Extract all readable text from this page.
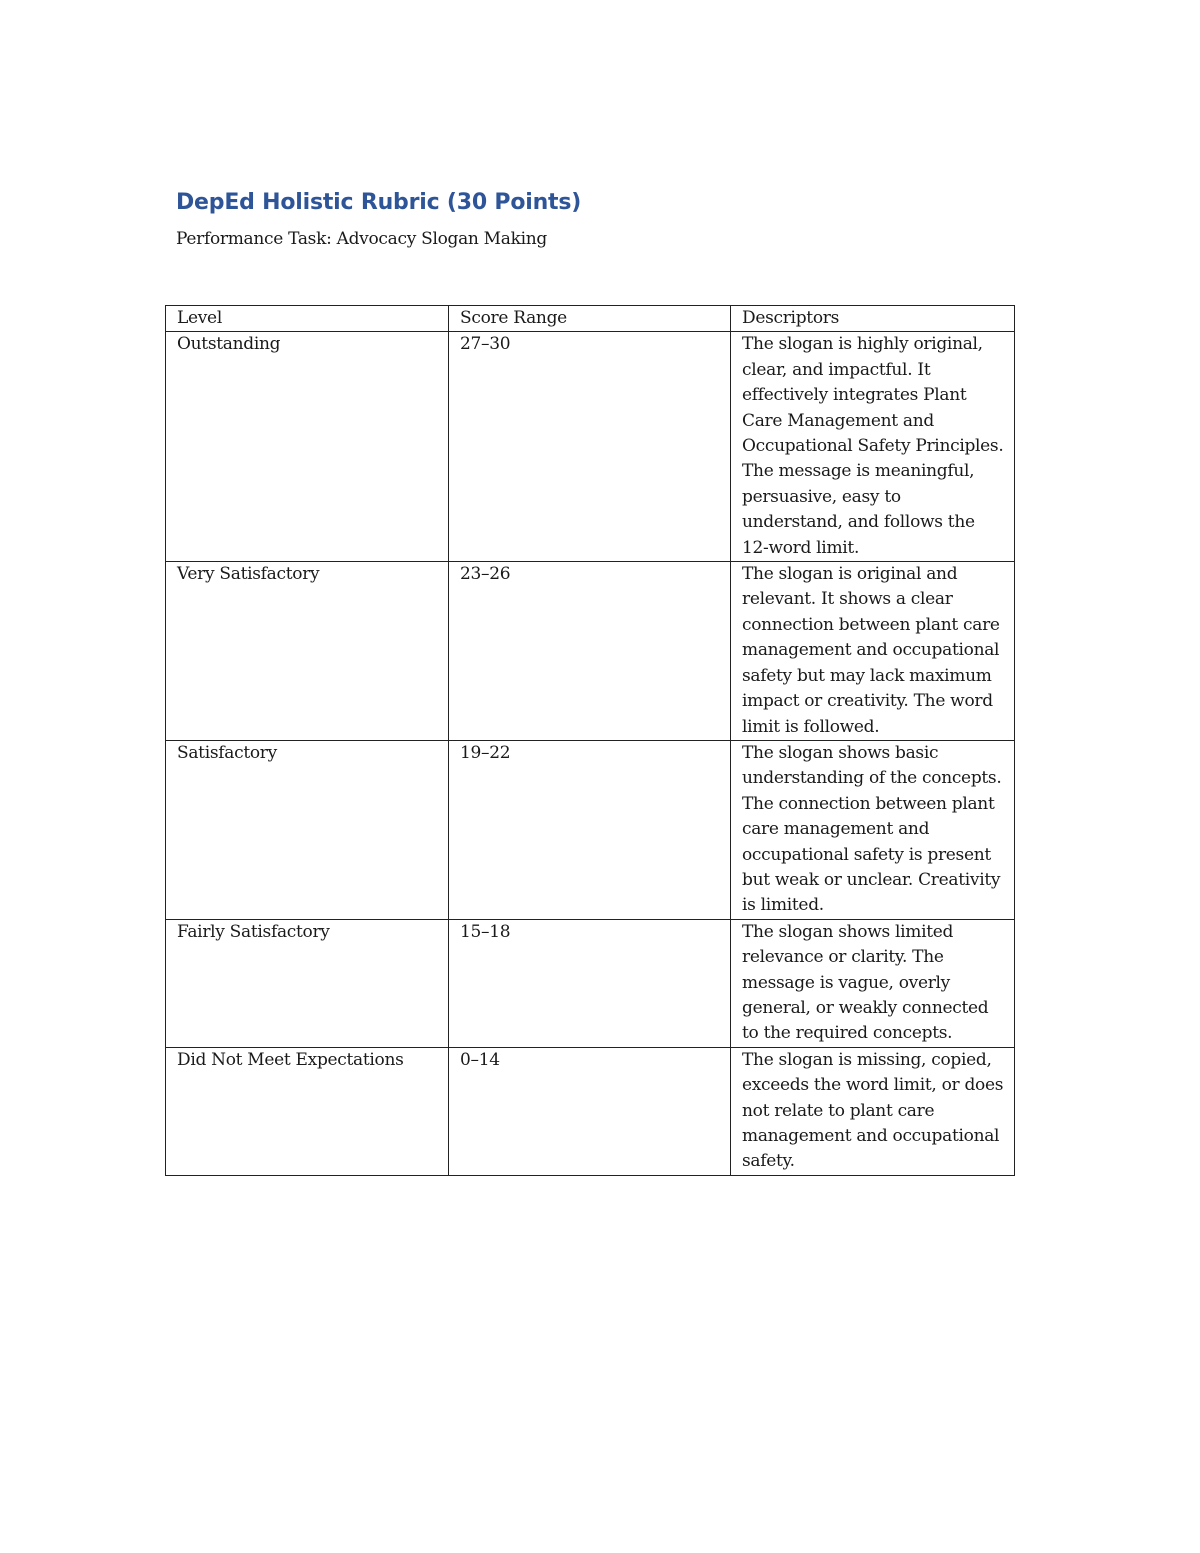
DepEd Holistic Rubric (30 Points)
Performance Task: Advocacy Slogan Making
Level	Score Range	Descriptors
Outstanding	27–30	The slogan is highly original, clear, and impactful. It effectively integrates Plant Care Management and Occupational Safety Principles. The message is meaningful, persuasive, easy to understand, and follows the 12-word limit.
Very Satisfactory	23–26	The slogan is original and relevant. It shows a clear connection between plant care management and occupational safety but may lack maximum impact or creativity. The word limit is followed.
Satisfactory	19–22	The slogan shows basic understanding of the concepts. The connection between plant care management and occupational safety is present but weak or unclear. Creativity is limited.
Fairly Satisfactory	15–18	The slogan shows limited relevance or clarity. The message is vague, overly general, or weakly connected to the required concepts.
Did Not Meet Expectations	0–14	The slogan is missing, copied, exceeds the word limit, or does not relate to plant care management and occupational safety.
